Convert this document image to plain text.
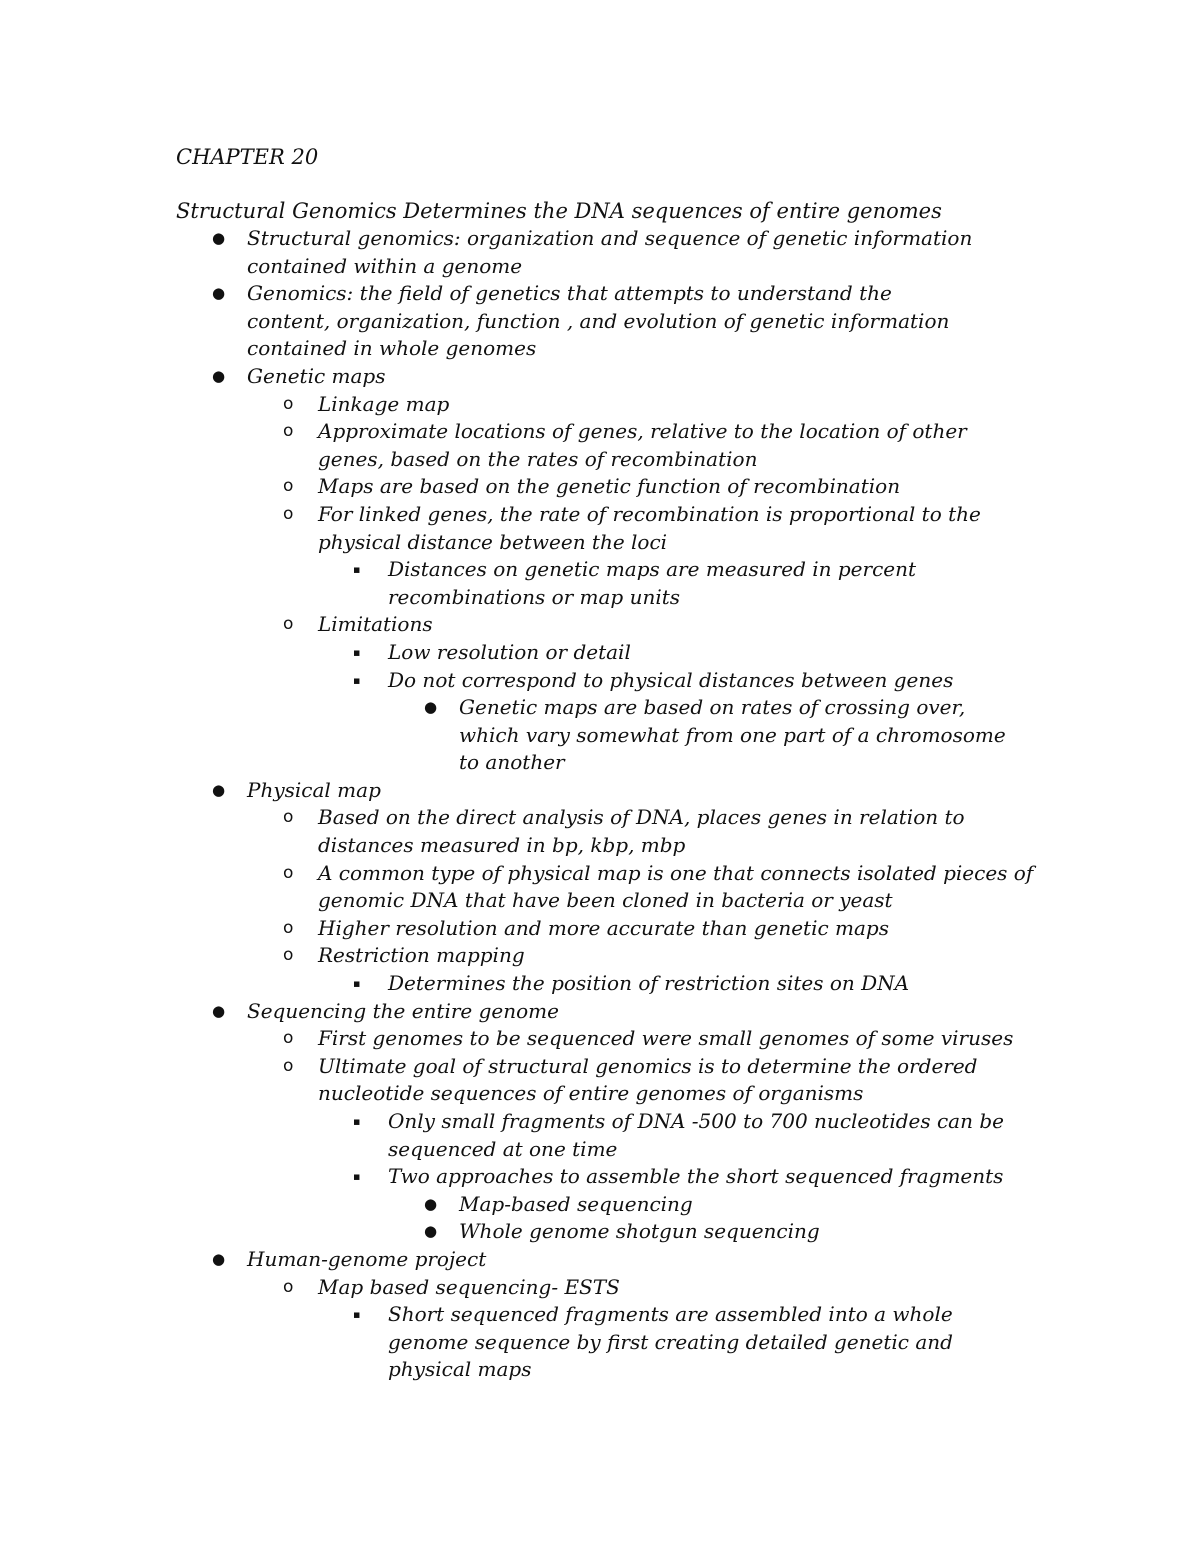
CHAPTER 20

Structural Genomics Determines the DNA sequences of entire genomes

● Structural genomics: organization and sequence of genetic information contained within a genome
● Genomics: the field of genetics that attempts to understand the content, organization, function , and evolution of genetic information contained in whole genomes
● Genetic maps
o Linkage map
o Approximate locations of genes, relative to the location of other genes, based on the rates of recombination
o Maps are based on the genetic function of recombination
o For linked genes, the rate of recombination is proportional to the physical distance between the loci
▪ Distances on genetic maps are measured in percent recombinations or map units
o Limitations
▪ Low resolution or detail
▪ Do not correspond to physical distances between genes
● Genetic maps are based on rates of crossing over, which vary somewhat from one part of a chromosome to another
● Physical map
o Based on the direct analysis of DNA, places genes in relation to distances measured in bp, kbp, mbp
o A common type of physical map is one that connects isolated pieces of genomic DNA that have been cloned in bacteria or yeast
o Higher resolution and more accurate than genetic maps
o Restriction mapping
▪ Determines the position of restriction sites on DNA
● Sequencing the entire genome
o First genomes to be sequenced were small genomes of some viruses
o Ultimate goal of structural genomics is to determine the ordered nucleotide sequences of entire genomes of organisms
▪ Only small fragments of DNA -500 to 700 nucleotides can be sequenced at one time
▪ Two approaches to assemble the short sequenced fragments
● Map-based sequencing
● Whole genome shotgun sequencing
● Human-genome project
o Map based sequencing- ESTS
▪ Short sequenced fragments are assembled into a whole genome sequence by first creating detailed genetic and physical maps
